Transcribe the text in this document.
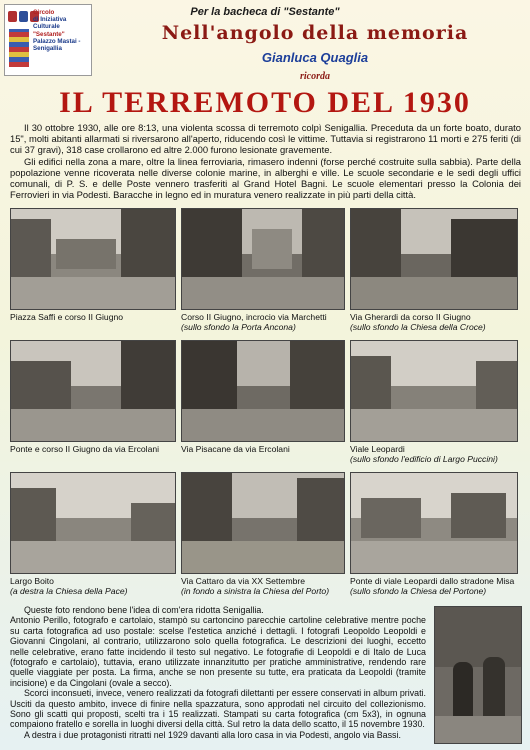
Circolo
di Iniziativa
Culturale
"Sestante"
Palazzo Mastai - Senigallia
Per la bacheca di "Sestante"
Nell'angolo della memoria
Gianluca Quaglia
ricorda
IL TERREMOTO DEL 1930

Il 30 ottobre 1930, alle ore 8:13, una violenta scossa di terremoto colpì Senigallia. Preceduta da un forte boato, durato 15", molti abitanti allarmati si riversarono all'aperto, riducendo così le vittime. Tuttavia si registrarono 11 morti e 275 feriti (di cui 37 gravi), 318 case crollarono ed altre 2.000 furono lesionate gravemente.

Gli edifici nella zona a mare, oltre la linea ferroviaria, rimasero indenni (forse perché costruite sulla sabbia). Parte della popolazione venne ricoverata nelle diverse colonie marine, in alberghi e ville. Le scuole secondarie e le sedi degli uffici comunali, di P. S. e delle Poste vennero trasferiti al Grand Hotel Bagni. Le scuole elementari presso la Colonia dei Ferrovieri in via Podesti. Baracche in legno ed in muratura venero realizzate in più parti della città.

Piazza Saffi e corso II Giugno	Corso II Giugno, incrocio via Marchetti
(sullo sfondo la Porta Ancona)
Via Gherardi da corso II Giugno
(sullo sfondo la Chiesa della Croce)
Ponte e corso II Giugno da via Ercolani	Via Pisacane da via Ercolani	Viale Leopardi
(sullo sfondo l'edificio di Largo Puccini)
Largo Boito
(a destra la Chiesa della Pace)
Via Cattaro da via XX Settembre
(in fondo a sinistra la Chiesa del Porto)
Ponte di viale Leopardi dallo stradone Misa
(sullo sfondo la Chiesa del Portone)

Queste foto rendono bene l'idea di com'era ridotta Senigallia.

Antonio Perillo, fotografo e cartolaio, stampò su cartoncino parecchie cartoline celebrative mentre poche su carta fotografica ad uso postale: scelse l'estetica anziché i dettagli. I fotografi Leopoldo Leopoldi e Giovanni Cingolani, al contrario, utilizzarono solo quella fotografica. Le descrizioni dei luoghi, eccetto nelle celebrative, erano fatte incidendo il testo sul negativo. Le fotografie di Leopoldi e di Italo de Luca (fotografo e cartolaio), tuttavia, erano utilizzate innanzitutto per pratiche amministrative, rendendo rare quelle viaggiate per posta. La firma, anche se non presente su tutte, era praticata da Leopoldi (tramite incisione) e da Cingolani (ovale a secco).

Scorci inconsueti, invece, venero realizzati da fotografi dilettanti per essere conservati in album privati. Usciti da questo ambito, invece di finire nella spazzatura, sono approdati nel circuito del collezionismo. Sono gli scatti qui proposti, scelti tra i 15 realizzati. Stampati su carta fotografica (cm 5x3), in ognuna compaiono fratello e sorella in luoghi diversi della città. Sul retro la data dello scatto, il 15 novembre 1930.

A destra i due protagonisti ritratti nel 1929 davanti alla loro casa in via Podesti, angolo via Bassi.
